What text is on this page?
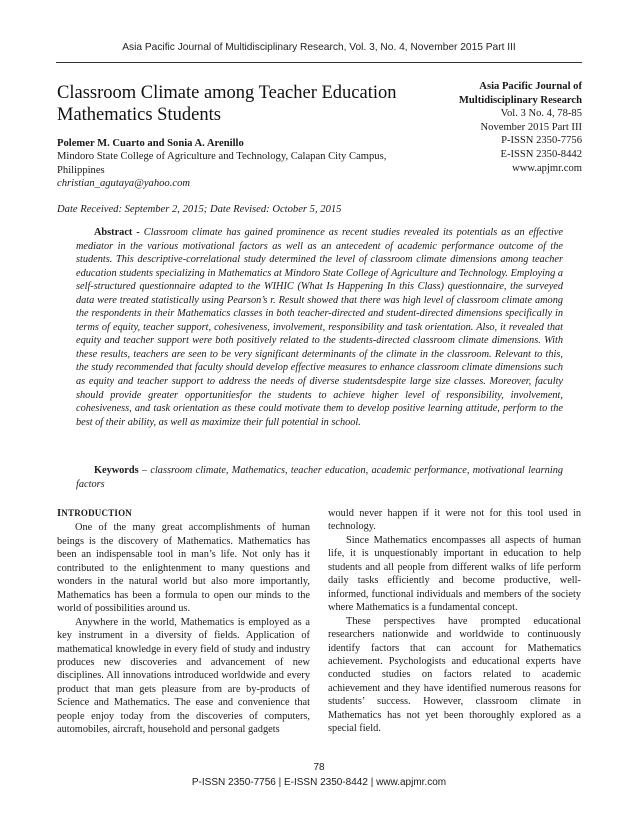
Asia Pacific Journal of Multidisciplinary Research, Vol. 3, No. 4, November 2015 Part III
Classroom Climate among Teacher Education Mathematics Students
Asia Pacific Journal of Multidisciplinary Research
Vol. 3 No. 4, 78-85
November 2015 Part III
P-ISSN 2350-7756
E-ISSN 2350-8442
www.apjmr.com
Polemer M. Cuarto and Sonia A. Arenillo
Mindoro State College of Agriculture and Technology, Calapan City Campus, Philippines
christian_agutaya@yahoo.com
Date Received: September 2, 2015; Date Revised: October 5, 2015
Abstract - Classroom climate has gained prominence as recent studies revealed its potentials as an effective mediator in the various motivational factors as well as an antecedent of academic performance outcome of the students. This descriptive-correlational study determined the level of classroom climate dimensions among teacher education students specializing in Mathematics at Mindoro State College of Agriculture and Technology. Employing a self-structured questionnaire adapted to the WIHIC (What Is Happening In this Class) questionnaire, the surveyed data were treated statistically using Pearson’s r. Result showed that there was high level of classroom climate among the respondents in their Mathematics classes in both teacher-directed and student-directed dimensions specifically in terms of equity, teacher support, cohesiveness, involvement, responsibility and task orientation. Also, it revealed that equity and teacher support were both positively related to the students-directed classroom climate dimensions. With these results, teachers are seen to be very significant determinants of the climate in the classroom. Relevant to this, the study recommended that faculty should develop effective measures to enhance classroom climate dimensions such as equity and teacher support to address the needs of diverse studentsdespite large size classes. Moreover, faculty should provide greater opportunitiesfor the students to achieve higher level of responsibility, involvement, cohesiveness, and task orientation as these could motivate them to develop positive learning attitude, perform to the best of their ability, as well as maximize their full potential in school.
Keywords – classroom climate, Mathematics, teacher education, academic performance, motivational learning factors
INTRODUCTION

One of the many great accomplishments of human beings is the discovery of Mathematics. Mathematics has been an indispensable tool in man’s life. Not only has it contributed to the enlightenment to many questions and wonders in the natural world but also more importantly, Mathematics has been a formula to open our minds to the world of possibilities around us.

Anywhere in the world, Mathematics is employed as a key instrument in a diversity of fields. Application of mathematical knowledge in every field of study and industry produces new discoveries and advancement of new disciplines. All innovations introduced worldwide and every product that man gets pleasure from are by-products of Science and Mathematics. The ease and convenience that people enjoy today from the discoveries of computers, automobiles, aircraft, household and personal gadgets

would never happen if it were not for this tool used in technology.

Since Mathematics encompasses all aspects of human life, it is unquestionably important in education to help students and all people from different walks of life perform daily tasks efficiently and become productive, well-informed, functional individuals and members of the society where Mathematics is a fundamental concept.

These perspectives have prompted educational researchers nationwide and worldwide to continuously identify factors that can account for Mathematics achievement. Psychologists and educational experts have conducted studies on factors related to academic achievement and they have identified numerous reasons for students’ success. However, classroom climate in Mathematics has not yet been thoroughly explored as a special field.

78
P-ISSN 2350-7756 | E-ISSN 2350-8442 | www.apjmr.com
